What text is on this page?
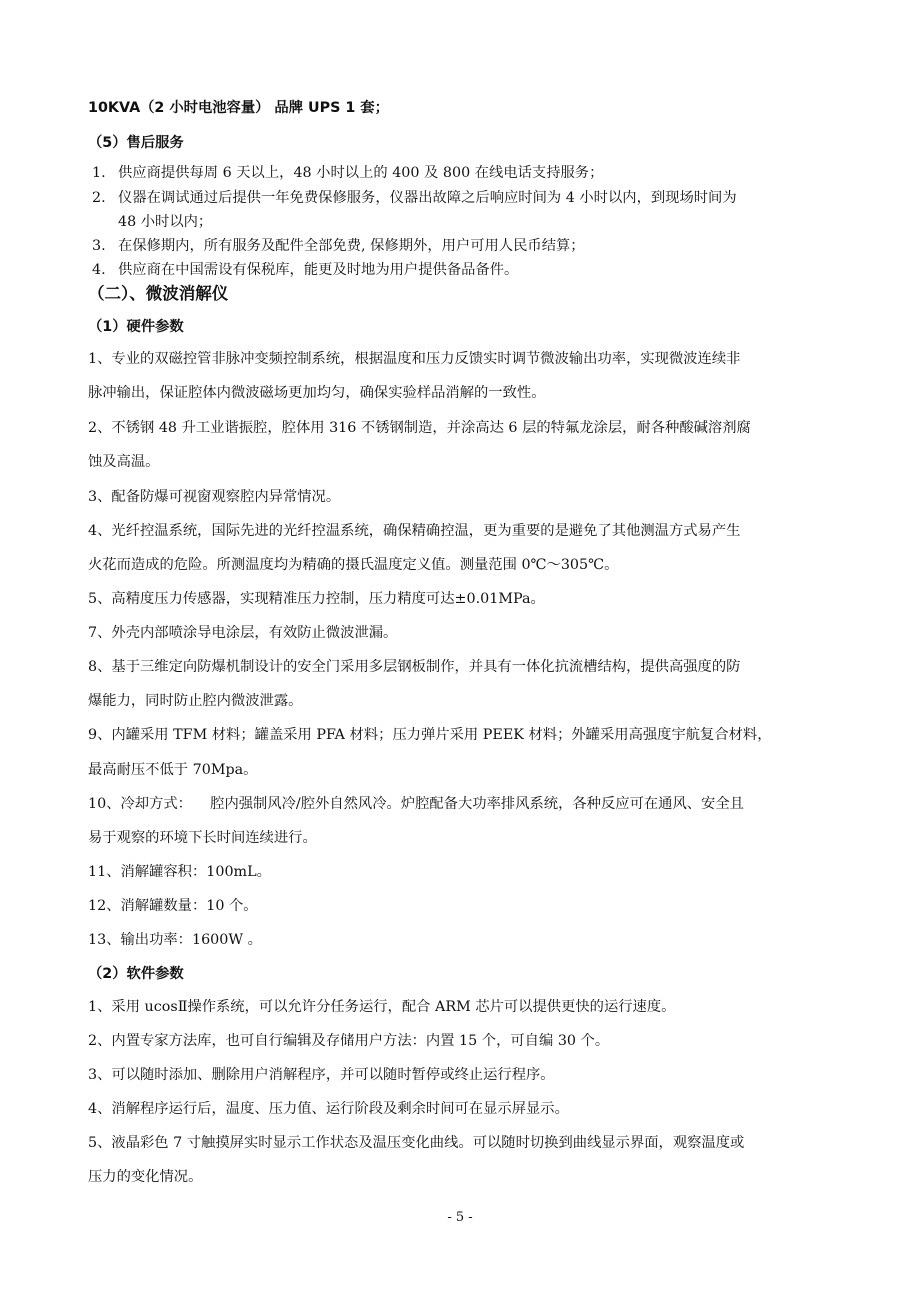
10KVA（2 小时电池容量） 品牌 UPS 1 套；
（5）售后服务
1. 供应商提供每周 6 天以上，48 小时以上的 400 及 800 在线电话支持服务；
2. 仪器在调试通过后提供一年免费保修服务，仪器出故障之后响应时间为 4 小时以内，到现场时间为
48 小时以内；
3. 在保修期内，所有服务及配件全部免费, 保修期外，用户可用人民币结算；
4. 供应商在中国需设有保税库，能更及时地为用户提供备品备件。
（二）、微波消解仪
（1）硬件参数
1、专业的双磁控管非脉冲变频控制系统，根据温度和压力反馈实时调节微波输出功率，实现微波连续非
脉冲输出，保证腔体内微波磁场更加均匀，确保实验样品消解的一致性。
2、不锈钢 48 升工业谐振腔，腔体用 316 不锈钢制造，并涂高达 6 层的特氟龙涂层，耐各种酸碱溶剂腐
蚀及高温。
3、配备防爆可视窗观察腔内异常情况。
4、光纤控温系统，国际先进的光纤控温系统，确保精确控温，更为重要的是避免了其他测温方式易产生
火花而造成的危险。所测温度均为精确的摄氏温度定义值。测量范围 0℃～305℃。
5、高精度压力传感器，实现精准压力控制，压力精度可达±0.01MPa。
7、外壳内部喷涂导电涂层，有效防止微波泄漏。
8、基于三维定向防爆机制设计的安全门采用多层钢板制作，并具有一体化抗流槽结构，提供高强度的防
爆能力，同时防止腔内微波泄露。
9、内罐采用 TFM 材料；罐盖采用 PFA 材料；压力弹片采用 PEEK 材料；外罐采用高强度宇航复合材料，
最高耐压不低于 70Mpa。
10、冷却方式：    腔内强制风冷/腔外自然风冷。炉腔配备大功率排风系统，各种反应可在通风、安全且
易于观察的环境下长时间连续进行。
11、消解罐容积：100mL。
12、消解罐数量：10 个。
13、输出功率：1600W 。
（2）软件参数
1、采用 ucosⅡ操作系统，可以允许分任务运行，配合 ARM 芯片可以提供更快的运行速度。
2、内置专家方法库，也可自行编辑及存储用户方法：内置 15 个，可自编 30 个。
3、可以随时添加、删除用户消解程序，并可以随时暂停或终止运行程序。
4、消解程序运行后，温度、压力值、运行阶段及剩余时间可在显示屏显示。
5、液晶彩色 7 寸触摸屏实时显示工作状态及温压变化曲线。可以随时切换到曲线显示界面，观察温度或
压力的变化情况。
- 5 -
